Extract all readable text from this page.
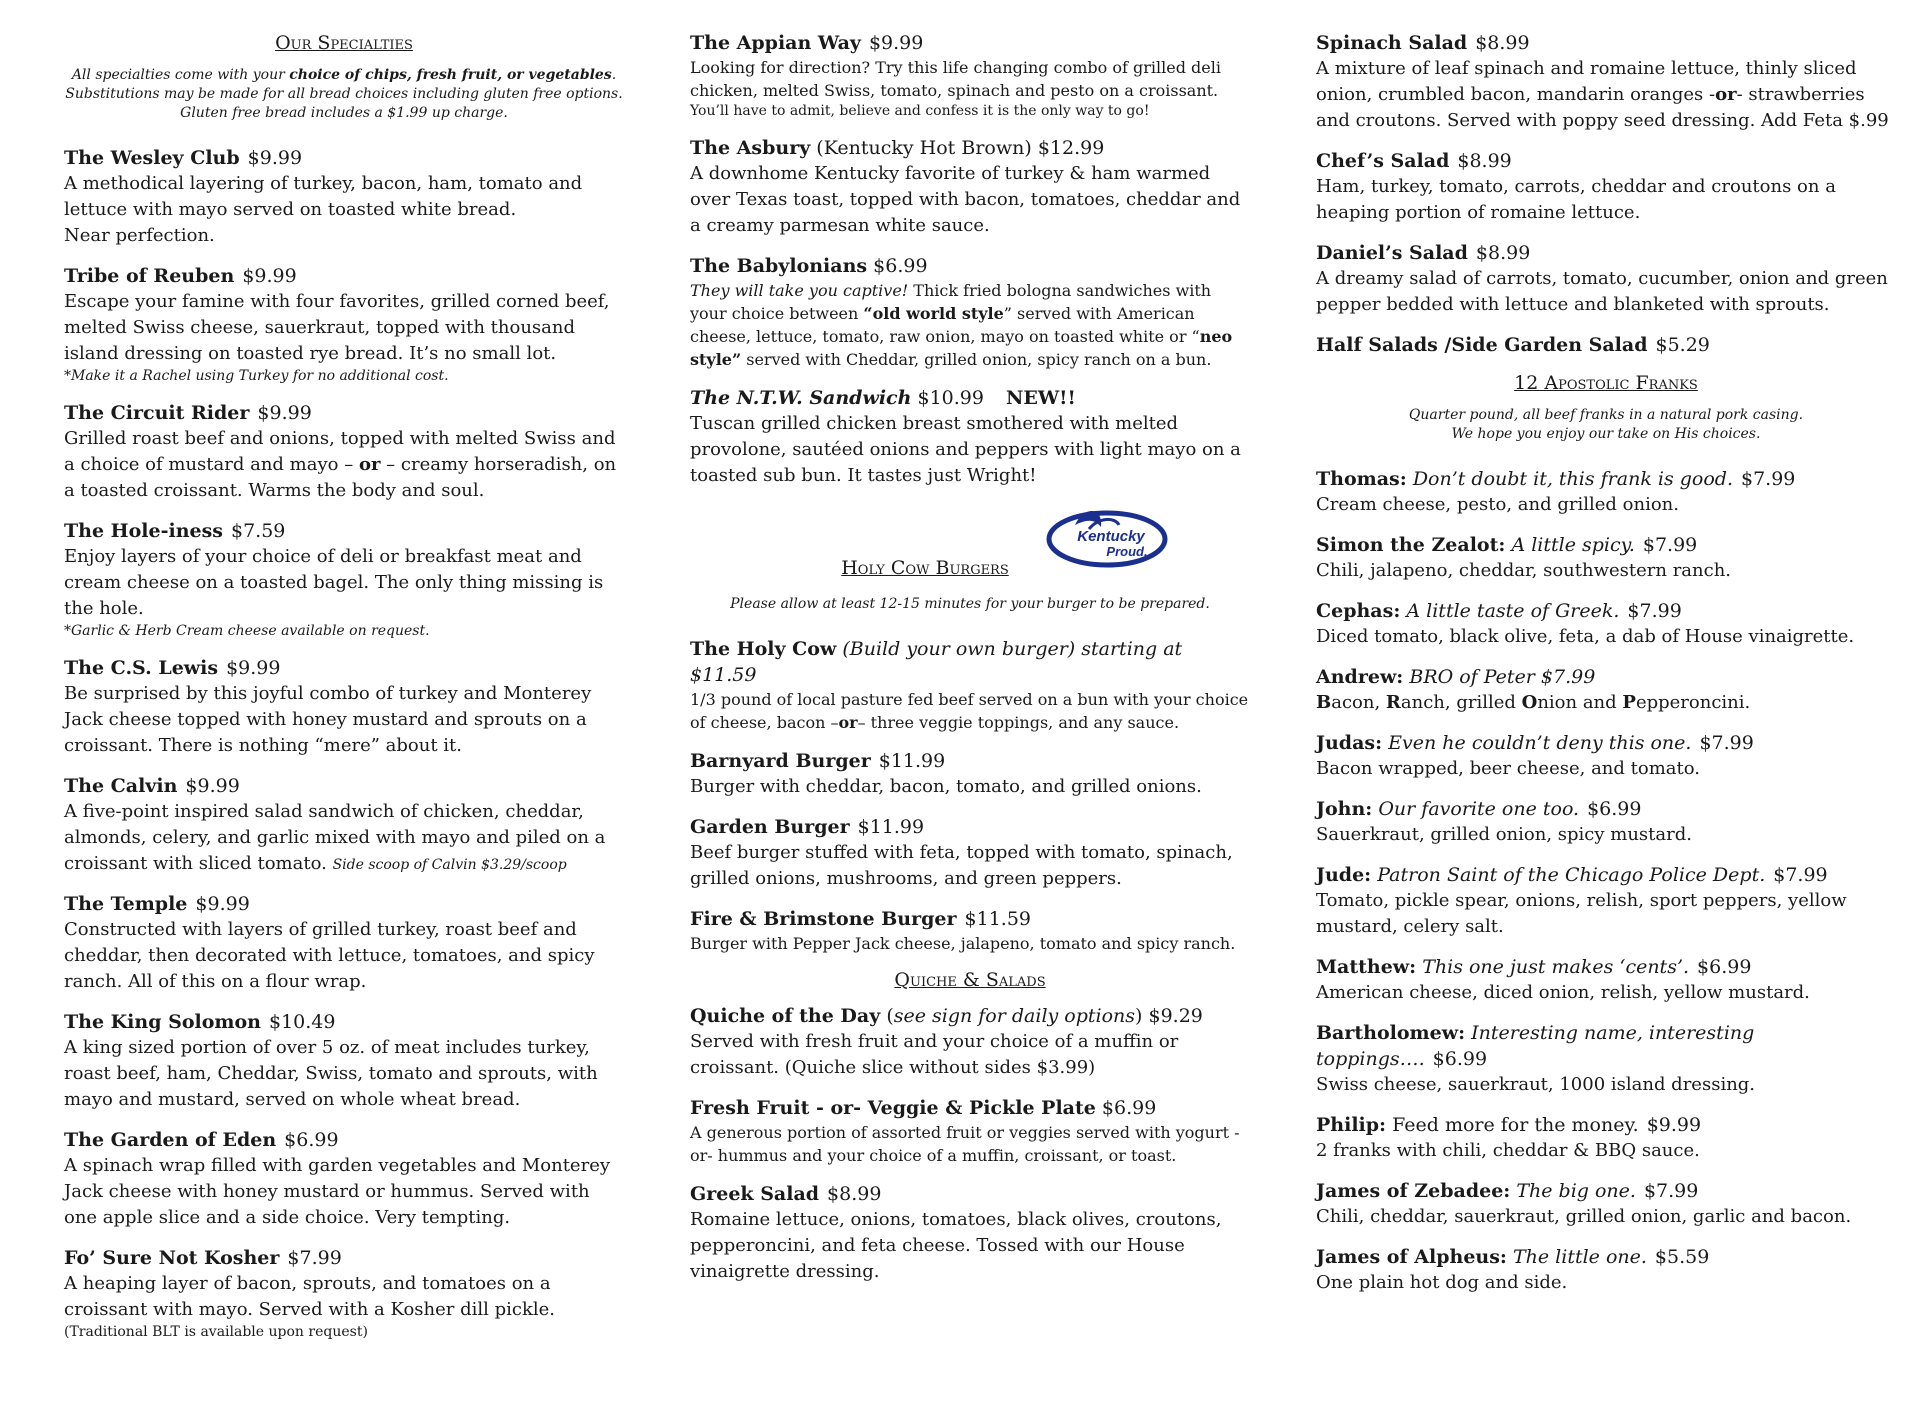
Our Specialties
All specialties come with your choice of chips, fresh fruit, or vegetables.
Substitutions may be made for all bread choices including gluten free options.
Gluten free bread includes a $1.99 up charge.
The Wesley Club $9.99
A methodical layering of turkey, bacon, ham, tomato and lettuce with mayo served on toasted white bread.
Near perfection.
Tribe of Reuben $9.99
Escape your famine with four favorites, grilled corned beef, melted Swiss cheese, sauerkraut, topped with thousand island dressing on toasted rye bread. It’s no small lot.
*Make it a Rachel using Turkey for no additional cost.
The Circuit Rider $9.99
Grilled roast beef and onions, topped with melted Swiss and a choice of mustard and mayo – or – creamy horseradish, on a toasted croissant. Warms the body and soul.
The Hole-iness $7.59
Enjoy layers of your choice of deli or breakfast meat and cream cheese on a toasted bagel. The only thing missing is the hole.
*Garlic & Herb Cream cheese available on request.
The C.S. Lewis $9.99
Be surprised by this joyful combo of turkey and Monterey Jack cheese topped with honey mustard and sprouts on a croissant. There is nothing “mere” about it.
The Calvin $9.99
A five-point inspired salad sandwich of chicken, cheddar, almonds, celery, and garlic mixed with mayo and piled on a croissant with sliced tomato. Side scoop of Calvin $3.29/scoop
The Temple $9.99
Constructed with layers of grilled turkey, roast beef and cheddar, then decorated with lettuce, tomatoes, and spicy ranch. All of this on a flour wrap.
The King Solomon $10.49
A king sized portion of over 5 oz. of meat includes turkey, roast beef, ham, Cheddar, Swiss, tomato and sprouts, with mayo and mustard, served on whole wheat bread.
The Garden of Eden $6.99
A spinach wrap filled with garden vegetables and Monterey Jack cheese with honey mustard or hummus. Served with one apple slice and a side choice. Very tempting.
Fo’ Sure Not Kosher $7.99
A heaping layer of bacon, sprouts, and tomatoes on a croissant with mayo. Served with a Kosher dill pickle.
(Traditional BLT is available upon request)
The Appian Way $9.99
Looking for direction? Try this life changing combo of grilled deli chicken, melted Swiss, tomato, spinach and pesto on a croissant.
You’ll have to admit, believe and confess it is the only way to go!
The Asbury (Kentucky Hot Brown) $12.99
A downhome Kentucky favorite of turkey & ham warmed over Texas toast, topped with bacon, tomatoes, cheddar and a creamy parmesan white sauce.
The Babylonians $6.99
They will take you captive! Thick fried bologna sandwiches with your choice between “old world style” served with American cheese, lettuce, tomato, raw onion, mayo on toasted white or “neo style” served with Cheddar, grilled onion, spicy ranch on a bun.
The N.T.W. Sandwich $10.99 NEW!!
Tuscan grilled chicken breast smothered with melted provolone, sautéed onions and peppers with light mayo on a toasted sub bun. It tastes just Wright!
Holy Cow Burgers
Kentucky
Proud.
Please allow at least 12-15 minutes for your burger to be prepared.
The Holy Cow (Build your own burger) starting at $11.59
1/3 pound of local pasture fed beef served on a bun with your choice of cheese, bacon –or– three veggie toppings, and any sauce.
Barnyard Burger $11.99
Burger with cheddar, bacon, tomato, and grilled onions.
Garden Burger $11.99
Beef burger stuffed with feta, topped with tomato, spinach, grilled onions, mushrooms, and green peppers.
Fire & Brimstone Burger $11.59
Burger with Pepper Jack cheese, jalapeno, tomato and spicy ranch.
Quiche & Salads
Quiche of the Day (see sign for daily options) $9.29
Served with fresh fruit and your choice of a muffin or croissant. (Quiche slice without sides $3.99)
Fresh Fruit - or- Veggie & Pickle Plate $6.99
A generous portion of assorted fruit or veggies served with yogurt -or- hummus and your choice of a muffin, croissant, or toast.
Greek Salad $8.99
Romaine lettuce, onions, tomatoes, black olives, croutons, pepperoncini, and feta cheese. Tossed with our House vinaigrette dressing.
Spinach Salad $8.99
A mixture of leaf spinach and romaine lettuce, thinly sliced onion, crumbled bacon, mandarin oranges -or- strawberries and croutons. Served with poppy seed dressing. Add Feta $.99
Chef’s Salad $8.99
Ham, turkey, tomato, carrots, cheddar and croutons on a heaping portion of romaine lettuce.
Daniel’s Salad $8.99
A dreamy salad of carrots, tomato, cucumber, onion and green pepper bedded with lettuce and blanketed with sprouts.
Half Salads /Side Garden Salad $5.29
12 Apostolic Franks
Quarter pound, all beef franks in a natural pork casing.
We hope you enjoy our take on His choices.
Thomas: Don’t doubt it, this frank is good. $7.99
Cream cheese, pesto, and grilled onion.
Simon the Zealot: A little spicy. $7.99
Chili, jalapeno, cheddar, southwestern ranch.
Cephas: A little taste of Greek. $7.99
Diced tomato, black olive, feta, a dab of House vinaigrette.
Andrew: BRO of Peter $7.99
Bacon, Ranch, grilled Onion and Pepperoncini.
Judas: Even he couldn’t deny this one. $7.99
Bacon wrapped, beer cheese, and tomato.
John: Our favorite one too. $6.99
Sauerkraut, grilled onion, spicy mustard.
Jude: Patron Saint of the Chicago Police Dept. $7.99
Tomato, pickle spear, onions, relish, sport peppers, yellow mustard, celery salt.
Matthew: This one just makes ‘cents’. $6.99
American cheese, diced onion, relish, yellow mustard.
Bartholomew: Interesting name, interesting toppings…. $6.99
Swiss cheese, sauerkraut, 1000 island dressing.
Philip: Feed more for the money. $9.99
2 franks with chili, cheddar & BBQ sauce.
James of Zebadee: The big one. $7.99
Chili, cheddar, sauerkraut, grilled onion, garlic and bacon.
James of Alpheus: The little one. $5.59
One plain hot dog and side.
